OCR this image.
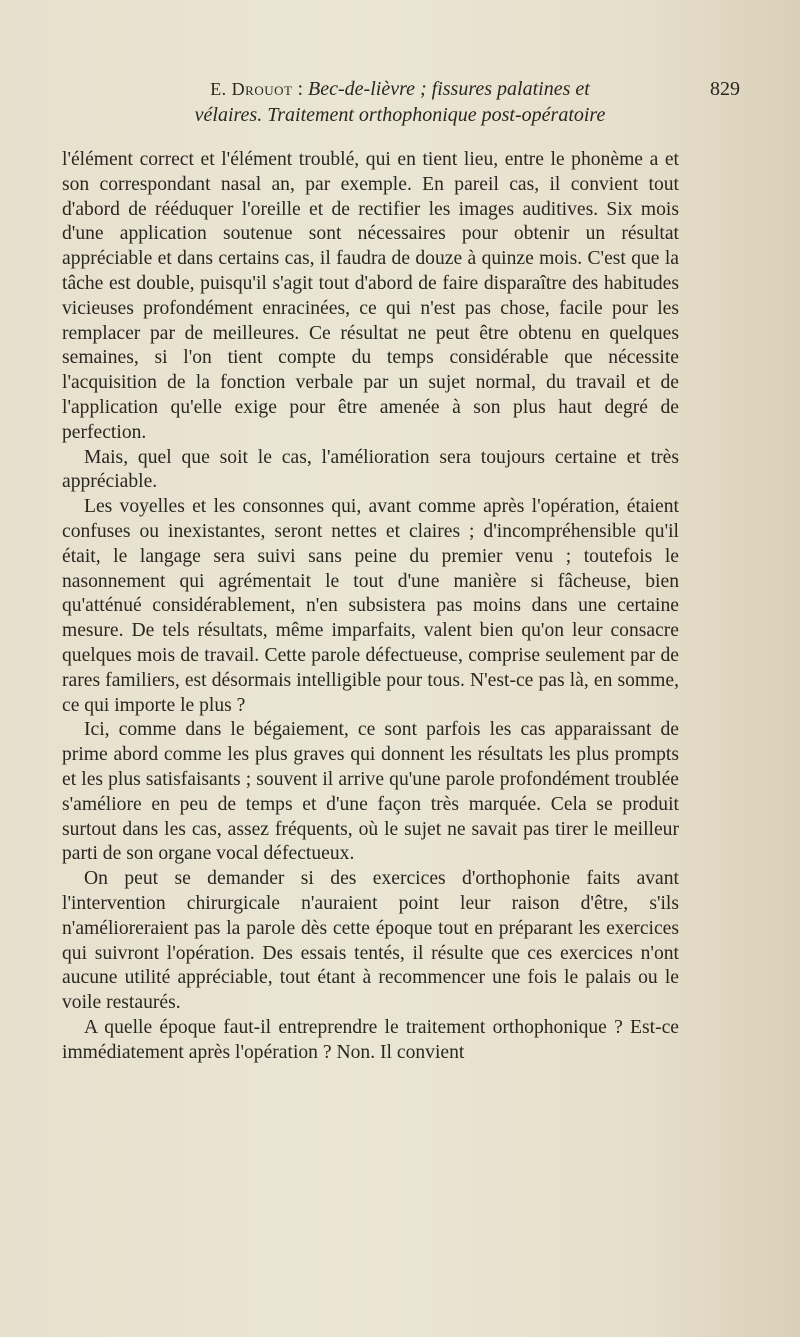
E. Drouot : Bec-de-lièvre ; fissures palatines et
vélaires. Traitement orthophonique post-opératoire
829

l'élément correct et l'élément troublé, qui en tient lieu, entre le phonème a et son correspondant nasal an, par exemple. En pareil cas, il convient tout d'abord de rééduquer l'oreille et de rectifier les images auditives. Six mois d'une application soutenue sont nécessaires pour obtenir un résultat appréciable et dans certains cas, il faudra de douze à quinze mois. C'est que la tâche est double, puisqu'il s'agit tout d'abord de faire disparaître des habitudes vicieuses profondément enracinées, ce qui n'est pas chose, facile pour les remplacer par de meilleures. Ce résultat ne peut être obtenu en quelques semaines, si l'on tient compte du temps considérable que nécessite l'acquisition de la fonction verbale par un sujet normal, du travail et de l'application qu'elle exige pour être amenée à son plus haut degré de perfection.

Mais, quel que soit le cas, l'amélioration sera toujours certaine et très appréciable.

Les voyelles et les consonnes qui, avant comme après l'opération, étaient confuses ou inexistantes, seront nettes et claires ; d'incompréhensible qu'il était, le langage sera suivi sans peine du premier venu ; toutefois le nasonnement qui agrémentait le tout d'une manière si fâcheuse, bien qu'atténué considérablement, n'en subsistera pas moins dans une certaine mesure. De tels résultats, même imparfaits, valent bien qu'on leur consacre quelques mois de travail. Cette parole défectueuse, comprise seulement par de rares familiers, est désormais intelligible pour tous. N'est-ce pas là, en somme, ce qui importe le plus ?

Ici, comme dans le bégaiement, ce sont parfois les cas apparaissant de prime abord comme les plus graves qui donnent les résultats les plus prompts et les plus satisfaisants ; souvent il arrive qu'une parole profondément troublée s'améliore en peu de temps et d'une façon très marquée. Cela se produit surtout dans les cas, assez fréquents, où le sujet ne savait pas tirer le meilleur parti de son organe vocal défectueux.

On peut se demander si des exercices d'orthophonie faits avant l'intervention chirurgicale n'auraient point leur raison d'être, s'ils n'amélioreraient pas la parole dès cette époque tout en préparant les exercices qui suivront l'opération. Des essais tentés, il résulte que ces exercices n'ont aucune utilité appréciable, tout étant à recommencer une fois le palais ou le voile restaurés.

A quelle époque faut-il entreprendre le traitement orthophonique ? Est-ce immédiatement après l'opération ? Non. Il convient
